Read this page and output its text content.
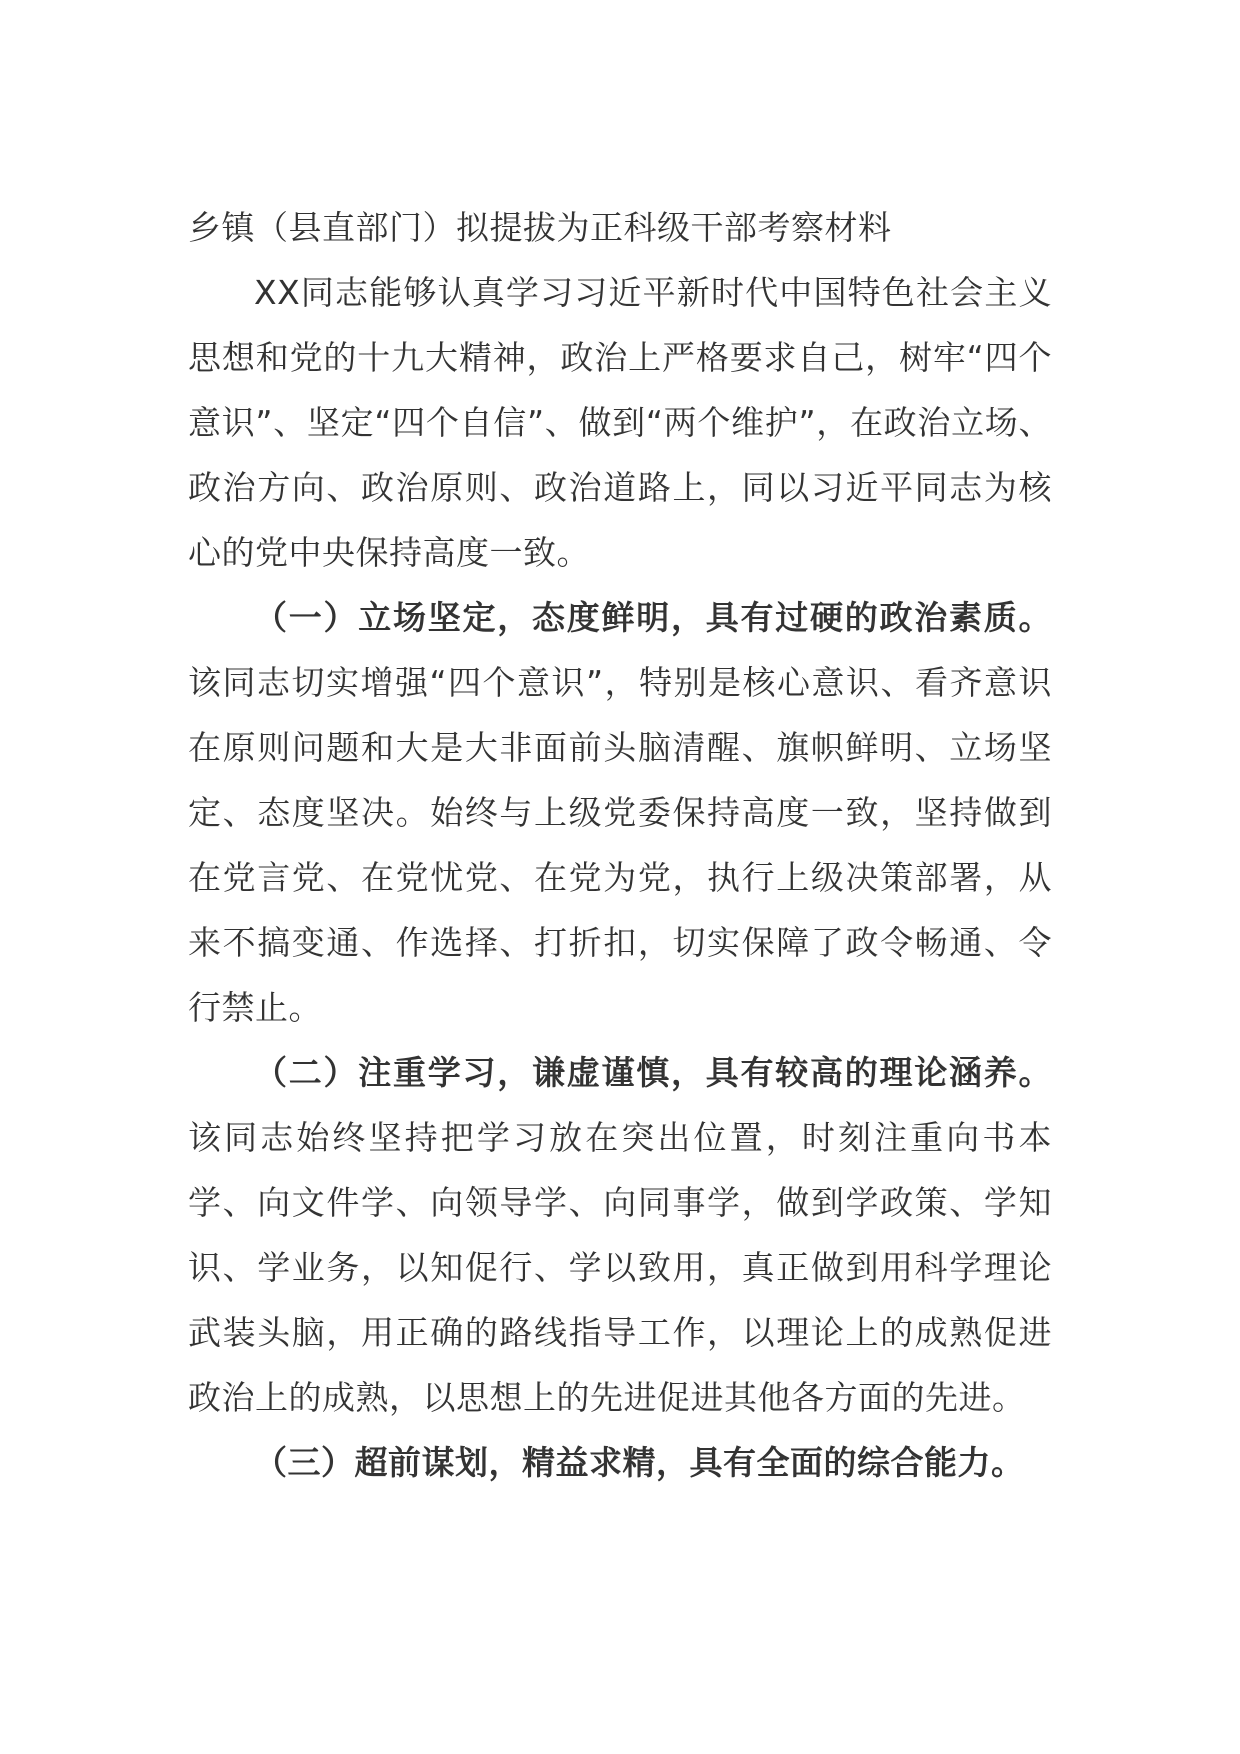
乡镇（县直部门）拟提拔为正科级干部考察材料

XX同志能够认真学习习近平新时代中国特色社会主义思想和党的十九大精神，政治上严格要求自己，树牢“四个意识”、坚定“四个自信”、做到“两个维护”，在政治立场、政治方向、政治原则、政治道路上，同以习近平同志为核心的党中央保持高度一致。

（一）立场坚定，态度鲜明，具有过硬的政治素质。该同志切实增强“四个意识”，特别是核心意识、看齐意识在原则问题和大是大非面前头脑清醒、旗帜鲜明、立场坚定、态度坚决。始终与上级党委保持高度一致，坚持做到在党言党、在党忧党、在党为党，执行上级决策部署，从来不搞变通、作选择、打折扣，切实保障了政令畅通、令行禁止。

（二）注重学习，谦虚谨慎，具有较高的理论涵养。该同志始终坚持把学习放在突出位置，时刻注重向书本学、向文件学、向领导学、向同事学，做到学政策、学知识、学业务，以知促行、学以致用，真正做到用科学理论武装头脑，用正确的路线指导工作，以理论上的成熟促进政治上的成熟，以思想上的先进促进其他各方面的先进。

（三）超前谋划，精益求精，具有全面的综合能力。
